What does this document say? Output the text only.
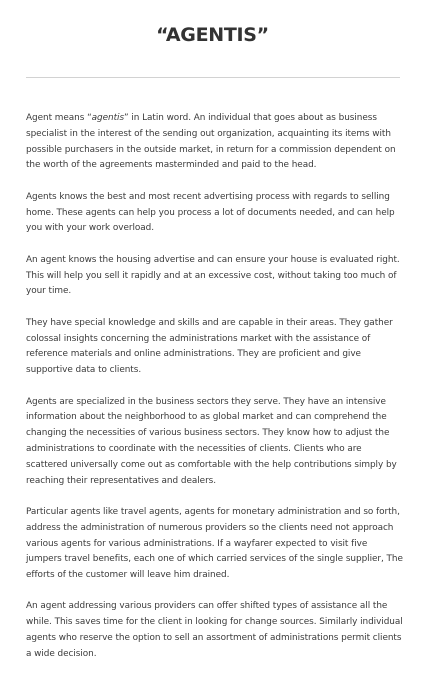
“AGENTIS”

Agent means “agentis” in Latin word. An individual that goes about as business specialist in the interest of the sending out organization, acquainting its items with possible purchasers in the outside market, in return for a commission dependent on the worth of the agreements masterminded and paid to the head.

Agents knows the best and most recent advertising process with regards to selling home. These agents can help you process a lot of documents needed, and can help you with your work overload.

An agent knows the housing advertise and can ensure your house is evaluated right. This will help you sell it rapidly and at an excessive cost, without taking too much of your time.

They have special knowledge and skills and are capable in their areas. They gather colossal insights concerning the administrations market with the assistance of reference materials and online administrations. They are proficient and give supportive data to clients.

Agents are specialized in the business sectors they serve. They have an intensive information about the neighborhood to as global market and can comprehend the changing the necessities of various business sectors. They know how to adjust the administrations to coordinate with the necessities of clients. Clients who are scattered universally come out as comfortable with the help contributions simply by reaching their representatives and dealers.

Particular agents like travel agents, agents for monetary administration and so forth, address the administration of numerous providers so the clients need not approach various agents for various administrations. If a wayfarer expected to visit five jumpers travel benefits, each one of which carried services of the single supplier, The efforts of the customer will leave him drained.

An agent addressing various providers can offer shifted types of assistance all the while. This saves time for the client in looking for change sources. Similarly individual agents who reserve the option to sell an assortment of administrations permit clients a wide decision.
